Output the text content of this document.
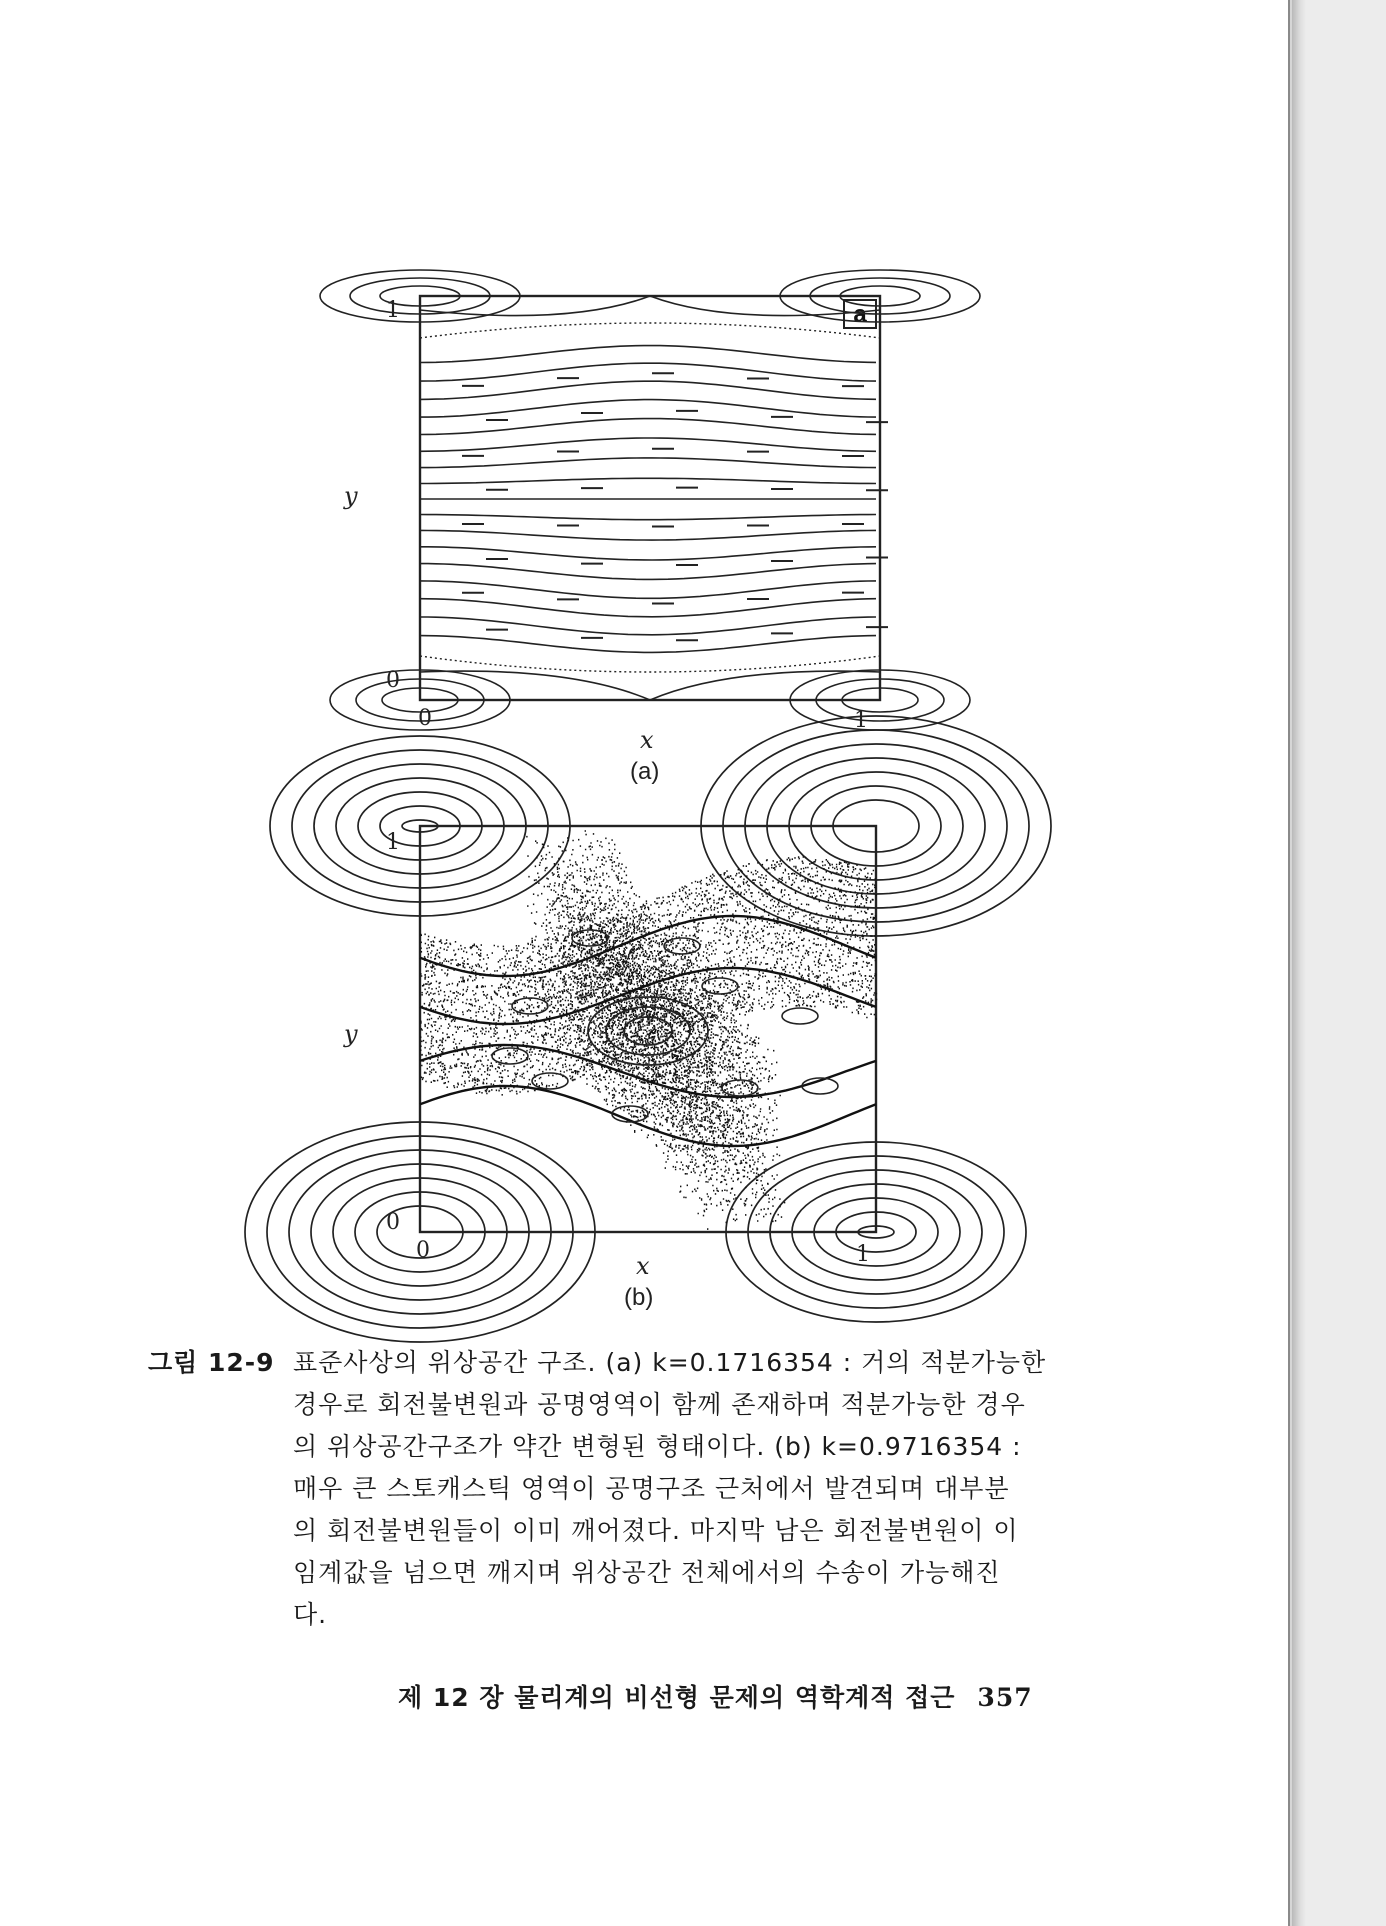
a
1
0
0	1
y
x
(a)
1
0
0	1
y
x
(b)
그림 12-9 표준사상의 위상공간 구조. (a) k=0.1716354 : 거의 적분가능한
경우로 회전불변원과 공명영역이 함께 존재하며 적분가능한 경우
의 위상공간구조가 약간 변형된 형태이다. (b) k=0.9716354 :
매우 큰 스토캐스틱 영역이 공명구조 근처에서 발견되며 대부분
의 회전불변원들이 이미 깨어졌다. 마지막 남은 회전불변원이 이
임계값을 넘으면 깨지며 위상공간 전체에서의 수송이 가능해진
다.
제 12 장 물리계의 비선형 문제의 역학계적 접근 357
